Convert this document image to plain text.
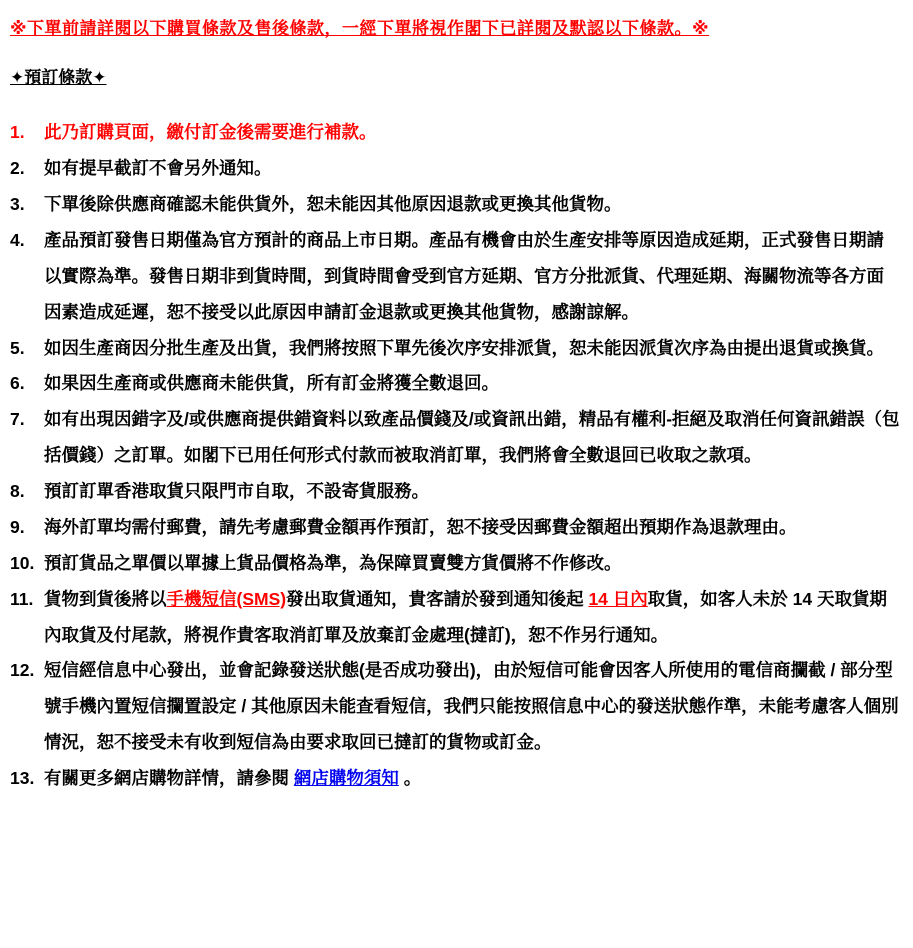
※下單前請詳閱以下購買條款及售後條款，一經下單將視作閣下已詳閱及默認以下條款。※
✦預訂條款✦
1.	此乃訂購頁面，繳付訂金後需要進行補款。
2.	如有提早截訂不會另外通知。
3.	下單後除供應商確認未能供貨外，恕未能因其他原因退款或更換其他貨物。
4.	產品預訂發售日期僅為官方預計的商品上市日期。產品有機會由於生產安排等原因造成延期，正式發售日期請以實際為準。發售日期非到貨時間，到貨時間會受到官方延期、官方分批派貨、代理延期、海關物流等各方面因素造成延遲，恕不接受以此原因申請訂金退款或更換其他貨物，感謝諒解。
5.	如因生產商因分批生產及出貨，我們將按照下單先後次序安排派貨，恕未能因派貨次序為由提出退貨或換貨。
6.	如果因生產商或供應商未能供貨，所有訂金將獲全數退回。
7.	如有出現因錯字及/或供應商提供錯資料以致產品價錢及/或資訊出錯，精品有權利-拒絕及取消任何資訊錯誤（包括價錢）之訂單。如閣下已用任何形式付款而被取消訂單，我們將會全數退回已收取之款項。
8.	預訂訂單香港取貨只限門市自取，不設寄貨服務。
9.	海外訂單均需付郵費，請先考慮郵費金額再作預訂，恕不接受因郵費金額超出預期作為退款理由。
10. 預訂貨品之單價以單據上貨品價格為準，為保障買賣雙方貨價將不作修改。
11. 貨物到貨後將以手機短信(SMS)發出取貨通知，貴客請於發到通知後起 14 日內取貨，如客人未於 14 天取貨期內取貨及付尾款，將視作貴客取消訂單及放棄訂金處理(撻訂)，恕不作另行通知。
12. 短信經信息中心發出，並會記錄發送狀態(是否成功發出)，由於短信可能會因客人所使用的電信商攔截 / 部分型號手機內置短信攔置設定 / 其他原因未能查看短信，我們只能按照信息中心的發送狀態作準，未能考慮客人個別情況，恕不接受未有收到短信為由要求取回已撻訂的貨物或訂金。
13. 有關更多網店購物詳情，請參閱 網店購物須知 。
